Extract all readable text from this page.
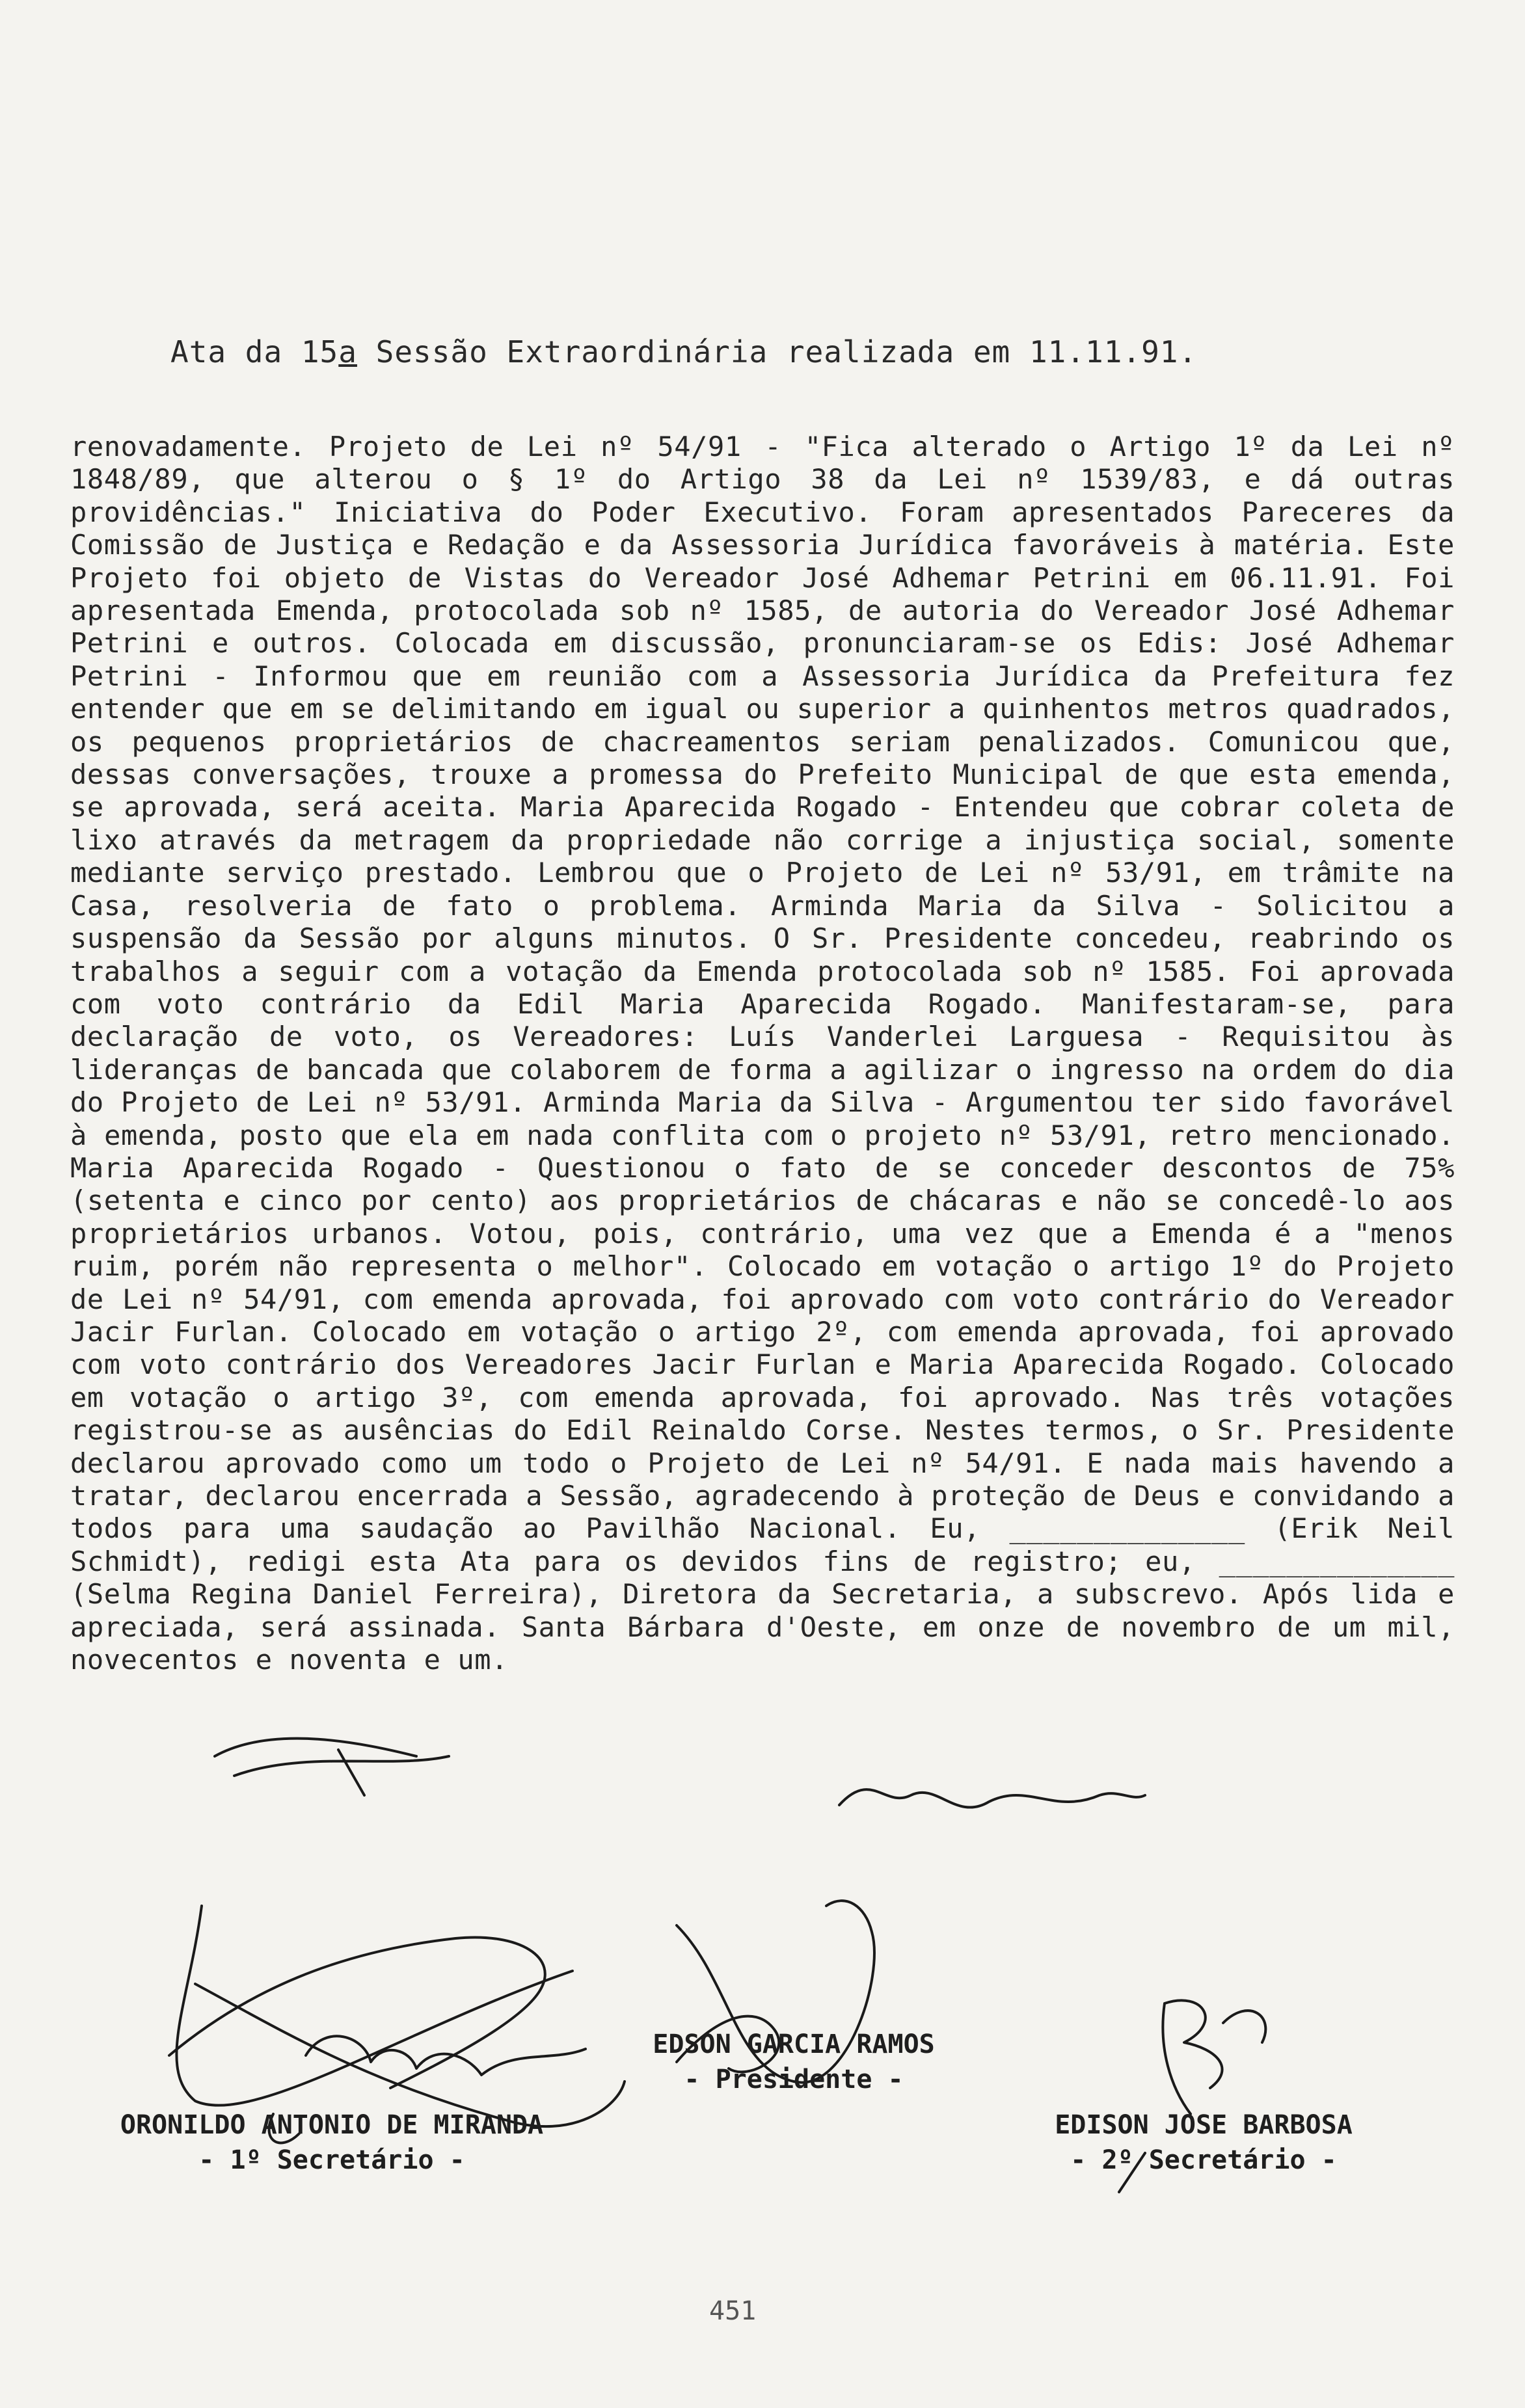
Ata da 15a Sessão Extraordinária realizada em 11.11.91.

renovadamente. Projeto de Lei nº 54/91 - "Fica alterado o Artigo 1º da Lei nº 1848/89, que alterou o § 1º do Artigo 38 da Lei nº 1539/83, e dá outras providências." Iniciativa do Poder Executivo. Foram apresentados Pareceres da Comissão de Justiça e Redação e da Assessoria Jurídica favoráveis à matéria. Este Projeto foi objeto de Vistas do Vereador José Adhemar Petrini em 06.11.91. Foi apresentada Emenda, protocolada sob nº 1585, de autoria do Vereador José Adhemar Petrini e outros. Colocada em discussão, pronunciaram-se os Edis: José Adhemar Petrini - Informou que em reunião com a Assessoria Jurídica da Prefeitura fez entender que em se delimitando em igual ou superior a quinhentos metros quadrados, os pequenos proprietários de chacreamentos seriam penalizados. Comunicou que, dessas conversações, trouxe a promessa do Prefeito Municipal de que esta emenda, se aprovada, será aceita. Maria Aparecida Rogado - Entendeu que cobrar coleta de lixo através da metragem da propriedade não corrige a injustiça social, somente mediante serviço prestado. Lembrou que o Projeto de Lei nº 53/91, em trâmite na Casa, resolveria de fato o problema. Arminda Maria da Silva - Solicitou a suspensão da Sessão por alguns minutos. O Sr. Presidente concedeu, reabrindo os trabalhos a seguir com a votação da Emenda protocolada sob nº 1585. Foi aprovada com voto contrário da Edil Maria Aparecida Rogado. Manifestaram-se, para declaração de voto, os Vereadores: Luís Vanderlei Larguesa - Requisitou às lideranças de bancada que colaborem de forma a agilizar o ingresso na ordem do dia do Projeto de Lei nº 53/91. Arminda Maria da Silva - Argumentou ter sido favorável à emenda, posto que ela em nada conflita com o projeto nº 53/91, retro mencionado. Maria Aparecida Rogado - Questionou o fato de se conceder descontos de 75% (setenta e cinco por cento) aos proprietários de chácaras e não se concedê-lo aos proprietários urbanos. Votou, pois, contrário, uma vez que a Emenda é a "menos ruim, porém não representa o melhor". Colocado em votação o artigo 1º do Projeto de Lei nº 54/91, com emenda aprovada, foi aprovado com voto contrário do Vereador Jacir Furlan. Colocado em votação o artigo 2º, com emenda aprovada, foi aprovado com voto contrário dos Vereadores Jacir Furlan e Maria Aparecida Rogado. Colocado em votação o artigo 3º, com emenda aprovada, foi aprovado. Nas três votações registrou-se as ausências do Edil Reinaldo Corse. Nestes termos, o Sr. Presidente declarou aprovado como um todo o Projeto de Lei nº 54/91. E nada mais havendo a tratar, declarou encerrada a Sessão, agradecendo à proteção de Deus e convidando a todos para uma saudação ao Pavilhão Nacional. Eu, ______________ (Erik Neil Schmidt), redigi esta Ata para os devidos fins de registro; eu, ______________ (Selma Regina Daniel Ferreira), Diretora da Secretaria, a subscrevo. Após lida e apreciada, será assinada. Santa Bárbara d'Oeste, em onze de novembro de um mil, novecentos e noventa e um.

EDSON GARCIA RAMOS
- Presidente -
ORONILDO ANTONIO DE MIRANDA
- 1º Secretário -
EDISON JOSE BARBOSA
- 2º Secretário -
451
